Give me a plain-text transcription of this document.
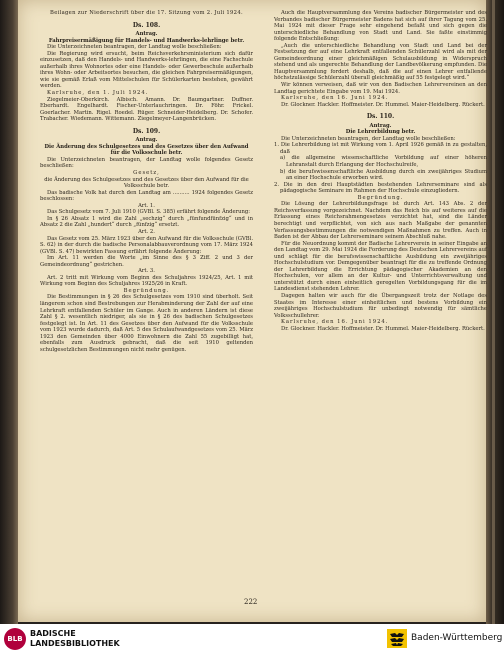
Beilagen zur Niederschrift über die 17. Sitzung vom 2. Juli 1924.

Ds. 108.

Antrag.

Fahrpreisermäßigung für Handels- und Handwerks-lehrlinge betr.

Die Unterzeichneten beantragen, der Landtag wolle beschließen:

Die Regierung wird ersucht, beim Reichsverkehrsministerium sich dafür einzusetzen, daß den Handels- und Handwerks-lehrlingen, die eine Fachschule außerhalb ihres Wohnortes oder eine Handels- oder Gewerbeschule außerhalb ihres Wohn- oder Arbeitsortes besuchen, die gleichen Fahrpreisermäßigungen, wie sie gemäß Erlaß vom Mittelschulen für Schülerkarten bestehen, gewährt werden.

Karlsruhe, den 1. Juli 1924.

Ziegelmeier-Oberkirch. Albisch. Amann. Dr. Baumgartner. Duffner. Eberhardt. Engelhardt. Fischer-Unterlauchringen. Dr. Föhr. Frickel. Goerlacher. Martin. Rigel. Roedel. Rüger. Schneider-Heidelberg. Dr. Schofer. Trabacher. Wiedemann. Wittemann. Ziegelmeyer-Langenbrücken.

Ds. 109.

Antrag.

Die Änderung des Schulgesetzes und des Gesetzes über den Aufwand für die Volksschule betr.

Die Unterzeichneten beantragen, der Landtag wolle folgendes Gesetz beschließen:

Gesetz,

die Änderung des Schulgesetzes und des Gesetzes über den Aufwand für die Volksschule betr.

Das badische Volk hat durch den Landtag am .......... 1924 folgendes Gesetz beschlossen:

Art. 1.

Das Schulgesetz vom 7. Juli 1910 (GVBl. S. 385) erfährt folgende Änderung:

In § 26 Absatz 1 wird die Zahl „sechzig“ durch „fünfundfünfzig“ und in Absatz 2 die Zahl „hundert“ durch „fünfzig“ ersetzt.

Art. 2.

Das Gesetz vom 25. März 1923 über den Aufwand für die Volksschule (GVBl. S. 62) in der durch die badische Personalabbauverordnung vom 17. März 1924 (GVBl. S. 47) bewirkten Fassung erfährt folgende Änderung:

Im Art. 11 werden die Worte „im Sinne des § 3 Ziff. 2 und 3 der Gemeindeordnung“ gestrichen.

Art. 3.

Art. 2 tritt mit Wirkung vom Beginn des Schuljahres 1924/25, Art. 1 mit Wirkung vom Beginn des Schuljahres 1925/26 in Kraft.

Begründung.

Die Bestimmungen in § 26 des Schulgesetzes vom 1910 sind überholt. Seit längerem schon sind Bestrebungen zur Herabminderung der Zahl der auf eine Lehrkraft entfallenden Schüler im Gange. Auch in anderen Ländern ist diese Zahl § 2. wesentlich niedriger, als sie in § 26 des badischen Schulgesetzes festgelegt ist. In Art. 11 des Gesetzes über den Aufwand für die Volksschule vom 1923 wurde dadurch, daß Art. 5 des Schulaufwandgesetzes vom 25. März 1923 den Gemeinden über 4000 Einwohnern die Zahl 55 zugebilligt hat, ebenfalls zum Ausdruck gebracht, daß die seit 1910 geltenden schulgesetzlichen Bestimmungen nicht mehr genügen.

Auch die Hauptversammlung des Vereins badischer Bürgermeister und des Verbandes badischer Bürgermeister Badens hat sich auf ihrer Tagung vom 25. Mai 1924 mit dieser Frage sehr eingehend befaßt und sich gegen die unterschiedliche Behandlung von Stadt und Land. Sie faßte einstimmig folgende Entschließung:

„Auch die unterschiedliche Behandlung von Stadt und Land bei der Festsetzung der auf eine Lehrkraft entfallenden Schülerzahl wird als mit der Gemeindeordnung einer gleichmäßigen Schulausbildung in Widerspruch stehend und als ungerechte Behandlung der Landbevölkerung empfunden. Die Hauptversammlung fordert deshalb, daß die auf einen Lehrer entfallende höchstzulässige Schülerzahl überall gleichmäßig auf 55 festgelegt wird.“

Wir können verweisen, daß wir von den Badischen Lehrervereinen an den Landtag gerichtete Eingabe vom 19. Mai 1924.

Karlsruhe, den 16. Juni 1924.

Dr. Glockner. Hackler. Hoffmeister. Dr. Hummel. Maier-Heidelberg. Rückert.

Ds. 110.

Antrag.

Die Lehrerbildung betr.

Die Unterzeichneten beantragen, der Landtag wolle beschließen:

1. Die Lehrerbildung ist mit Wirkung vom 1. April 1926 gemäß in zu gestalten, daß

a) die allgemeine wissenschaftliche Vorbildung auf einer höheren Lehranstalt durch Erlangung der Hochschulreife,

b) die berufswissenschaftliche Ausbildung durch ein zweijähriges Studium an einer Hochschule erworben wird.

2. Die in den drei Hauptstädten bestehenden Lehrerseminare sind als pädagogische Seminare im Rahmen der Hochschule einzugliedern.

Begründung.

Die Lösung der Lehrerbildungsfrage ist durch Art. 143 Abs. 2 der Reichsverfassung vorgezeichnet. Nachdem das Reich bis auf weiteres auf die Erlassung eines Reichsrahmengesetzes verzichtet hat, sind die Länder berechtigt und verpflichtet, von sich aus nach Maßgabe der genannten Verfassungsbestimmungen die notwendigen Maßnahmen zu treffen. Auch in Baden ist der Abbau der Lehrerseminare seinem Abschluß nahe.

Für die Neuordnung kommt der Badische Lehrerverein in seiner Eingabe an den Landtag vom 29. Mai 1924 die Forderung des Deutschen Lehrervereins auf und schlägt für die berufswissenschaftliche Ausbildung ein zweijähriges Hochschulstudium vor. Demgegenüber beantragt für die zu treffende Ordnung der Lehrerbildung die Errichtung pädagogischer Akademien an den Hochschulen, vor allem an der Kultur- und Unterrichtsverwaltung und unterstützt durch einen einheitlich geregelten Vorbildungsgang für die im Landesdienst stehenden Lehrer.

Dagegen halten wir auch für die Übergangszeit trotz der Notlage des Staates im Interesse einer einheitlichen und bestens Vorbildung ein zweijähriges Hochschulstudium für unbedingt notwendig für sämtliche Volksschullehrer.

Karlsruhe, den 16. Juni 1924.

Dr. Glockner. Hackler. Hoffmeister. Dr. Hummel. Maier-Heidelberg. Rückert.

222
BLB
BADISCHE
LANDESBIBLIOTHEK
Baden-Württemberg
